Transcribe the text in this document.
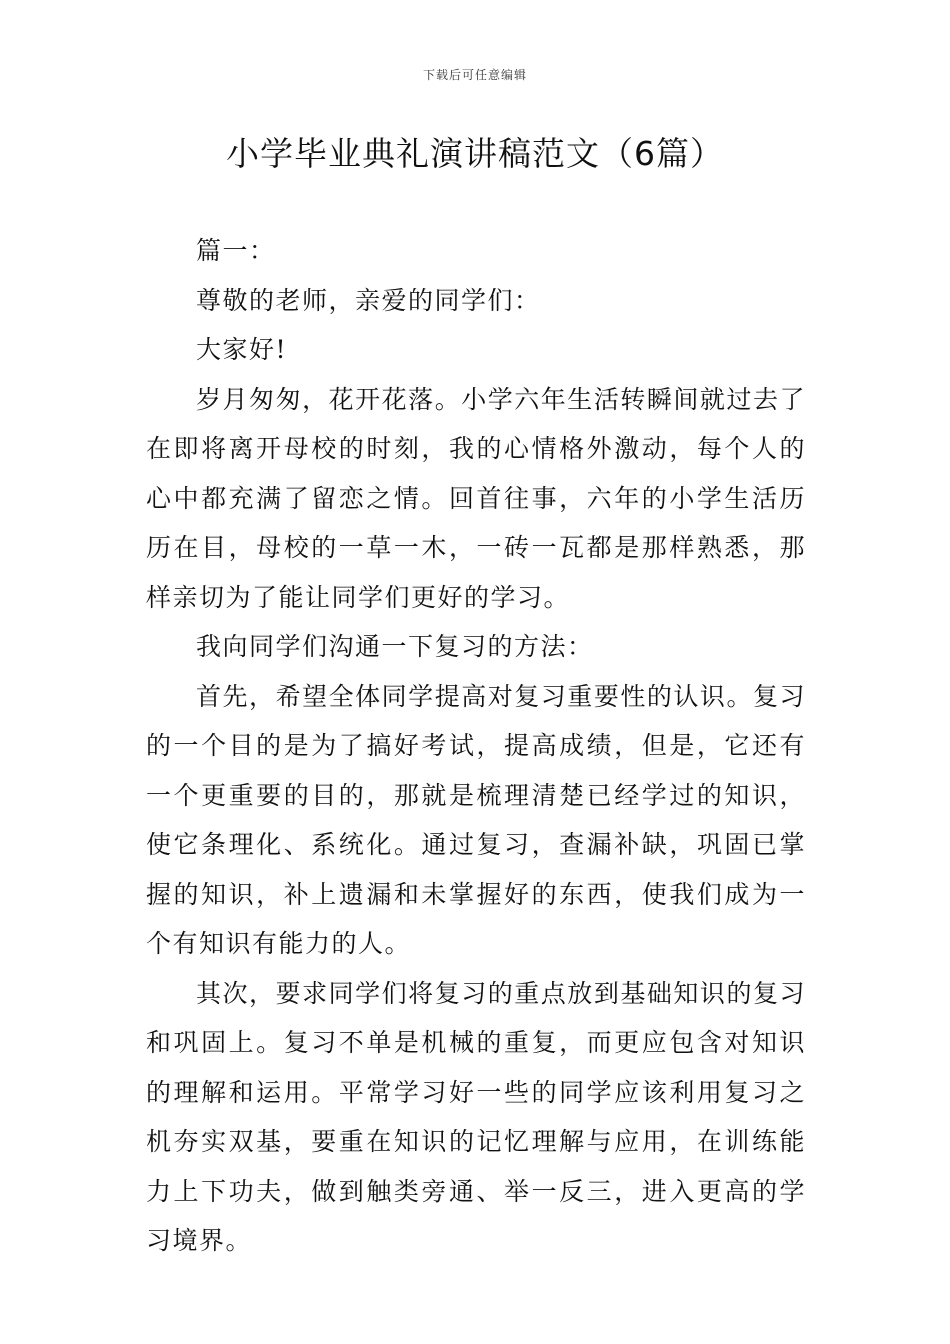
下载后可任意编辑
小学毕业典礼演讲稿范文（6篇）

篇一：

尊敬的老师，亲爱的同学们：

大家好!

岁月匆匆，花开花落。小学六年生活转瞬间就过去了在即将离开母校的时刻，我的心情格外激动，每个人的心中都充满了留恋之情。回首往事，六年的小学生活历历在目，母校的一草一木，一砖一瓦都是那样熟悉，那样亲切为了能让同学们更好的学习。

我向同学们沟通一下复习的方法：

首先，希望全体同学提高对复习重要性的认识。复习的一个目的是为了搞好考试，提高成绩，但是，它还有一个更重要的目的，那就是梳理清楚已经学过的知识，使它条理化、系统化。通过复习，查漏补缺，巩固已掌握的知识，补上遗漏和未掌握好的东西，使我们成为一个有知识有能力的人。

其次，要求同学们将复习的重点放到基础知识的复习和巩固上。复习不单是机械的重复，而更应包含对知识的理解和运用。平常学习好一些的同学应该利用复习之机夯实双基，要重在知识的记忆理解与应用，在训练能力上下功夫，做到触类旁通、举一反三，进入更高的学习境界。
